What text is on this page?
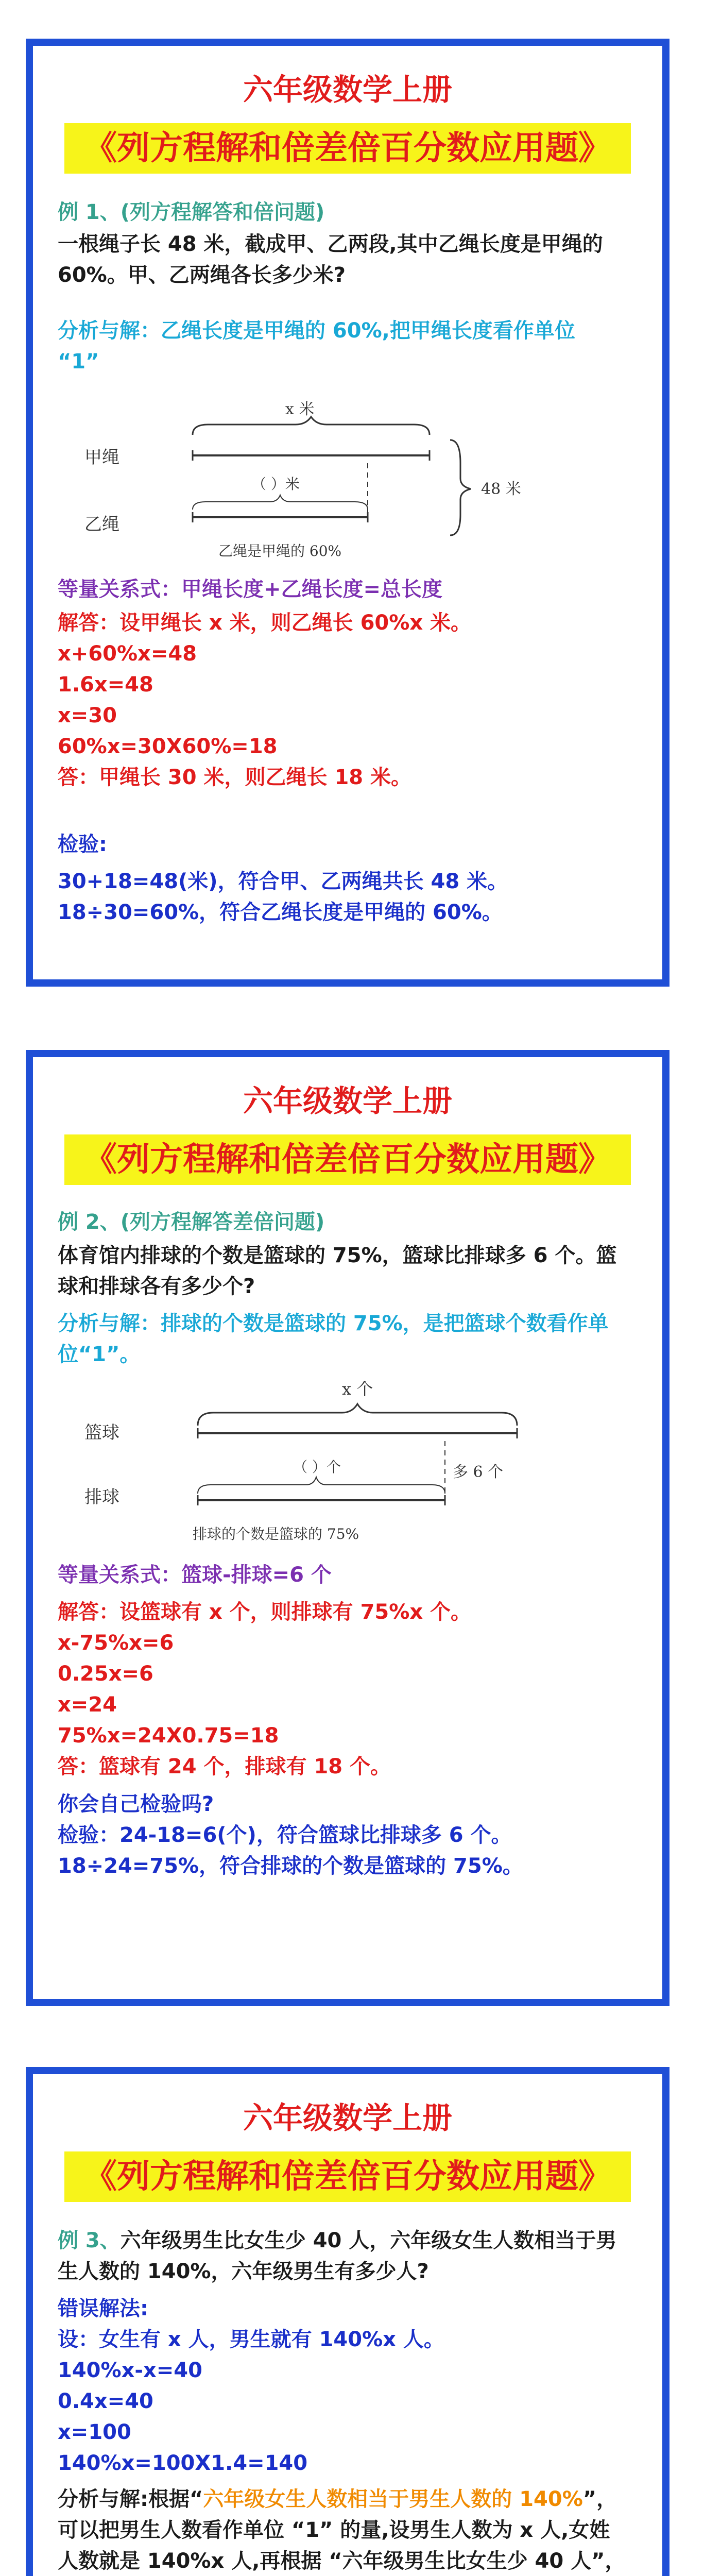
六年级数学上册
《列方程解和倍差倍百分数应用题》
例 1、(列方程解答和倍问题)
一根绳子长 48 米，截成甲、乙两段,其中乙绳长度是甲绳的
60%。甲、乙两绳各长多少米?
分析与解：乙绳长度是甲绳的 60%,把甲绳长度看作单位
“1”
甲绳
乙绳
x 米
（ ）米	48 米
乙绳是甲绳的 60%
等量关系式：甲绳长度+乙绳长度=总长度
解答：设甲绳长 x 米，则乙绳长 60%x 米。
x+60%x=48
1.6x=48
x=30
60%x=30X60%=18
答：甲绳长 30 米，则乙绳长 18 米。
检验:
30+18=48(米)，符合甲、乙两绳共长 48 米。
18÷30=60%，符合乙绳长度是甲绳的 60%。
六年级数学上册
《列方程解和倍差倍百分数应用题》
例 2、(列方程解答差倍问题)
体育馆内排球的个数是篮球的 75%，篮球比排球多 6 个。篮
球和排球各有多少个?
分析与解：排球的个数是篮球的 75%，是把篮球个数看作单
位“1”。
篮球
排球
x 个
（ ）个	多 6 个
排球的个数是篮球的 75%
等量关系式：篮球-排球=6 个
解答：设篮球有 x 个，则排球有 75%x 个。
x-75%x=6
0.25x=6
x=24
75%x=24X0.75=18
答：篮球有 24 个，排球有 18 个。
你会自己检验吗?
检验：24-18=6(个)，符合篮球比排球多 6 个。
18÷24=75%，符合排球的个数是篮球的 75%。
六年级数学上册
《列方程解和倍差倍百分数应用题》
例 3、六年级男生比女生少 40 人，六年级女生人数相当于男
生人数的 140%，六年级男生有多少人?
错误解法:
设：女生有 x 人，男生就有 140%x 人。
140%x-x=40
0.4x=40
x=100
140%x=100X1.4=140
分析与解:根据“六年级女生人数相当于男生人数的 140%”，
可以把男生人数看作单位 “1” 的量,设男生人数为 x 人,女姓
人数就是 140%x 人,再根据 “六年级男生比女生少 40 人”，
